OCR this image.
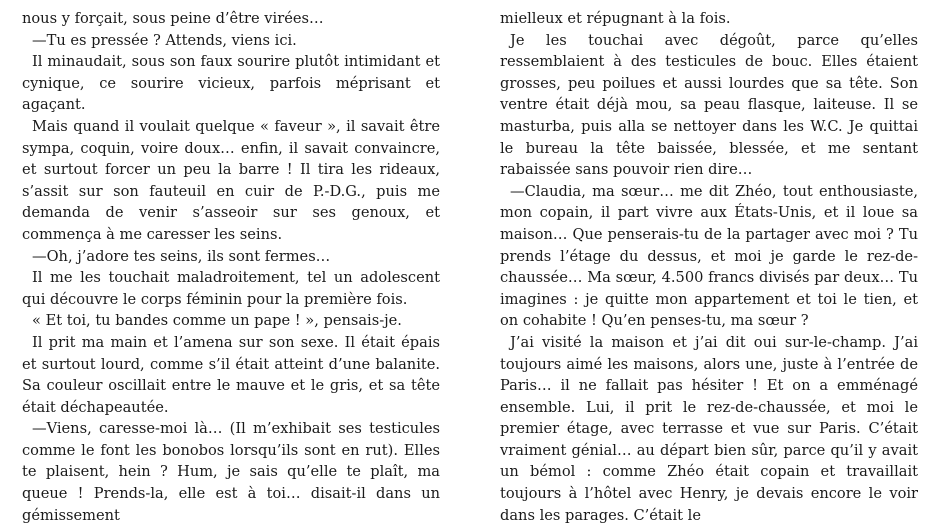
nous y forçait, sous peine d’être virées…

—Tu es pressée ? Attends, viens ici.

Il minaudait, sous son faux sourire plutôt intimidant et cynique, ce sourire vicieux, parfois méprisant et agaçant.

Mais quand il voulait quelque « faveur », il savait être sympa, coquin, voire doux… enfin, il savait convaincre, et surtout forcer un peu la barre ! Il tira les rideaux, s’assit sur son fauteuil en cuir de P.-D.G., puis me demanda de venir s’asseoir sur ses genoux, et commença à me caresser les seins.

—Oh, j’adore tes seins, ils sont fermes…

Il me les touchait maladroitement, tel un adolescent qui découvre le corps féminin pour la première fois.

« Et toi, tu bandes comme un pape ! », pensais-je.

Il prit ma main et l’amena sur son sexe. Il était épais et surtout lourd, comme s’il était atteint d’une balanite. Sa couleur oscillait entre le mauve et le gris, et sa tête était déchapeautée.

—Viens, caresse-moi là… (Il m’exhibait ses testicules comme le font les bonobos lorsqu’ils sont en rut). Elles te plaisent, hein ? Hum, je sais qu’elle te plaît, ma queue ! Prends-la, elle est à toi… disait-il dans un gémissement

mielleux et répugnant à la fois.

Je les touchai avec dégoût, parce qu’elles ressemblaient à des testicules de bouc. Elles étaient grosses, peu poilues et aussi lourdes que sa tête. Son ventre était déjà mou, sa peau flasque, laiteuse. Il se masturba, puis alla se nettoyer dans les W.C. Je quittai le bureau la tête baissée, blessée, et me sentant rabaissée sans pouvoir rien dire…

—Claudia, ma sœur… me dit Zhéo, tout enthousiaste, mon copain, il part vivre aux États-Unis, et il loue sa maison… Que penserais-tu de la partager avec moi ? Tu prends l’étage du dessus, et moi je garde le rez-de-chaussée… Ma sœur, 4.500 francs divisés par deux… Tu imagines : je quitte mon appartement et toi le tien, et on cohabite ! Qu’en penses-tu, ma sœur ?

J’ai visité la maison et j’ai dit oui sur-le-champ. J’ai toujours aimé les maisons, alors une, juste à l’entrée de Paris… il ne fallait pas hésiter ! Et on a emménagé ensemble. Lui, il prit le rez-de-chaussée, et moi le premier étage, avec terrasse et vue sur Paris. C’était vraiment génial… au départ bien sûr, parce qu’il y avait un bémol : comme Zhéo était copain et travaillait toujours à l’hôtel avec Henry, je devais encore le voir dans les parages. C’était le
